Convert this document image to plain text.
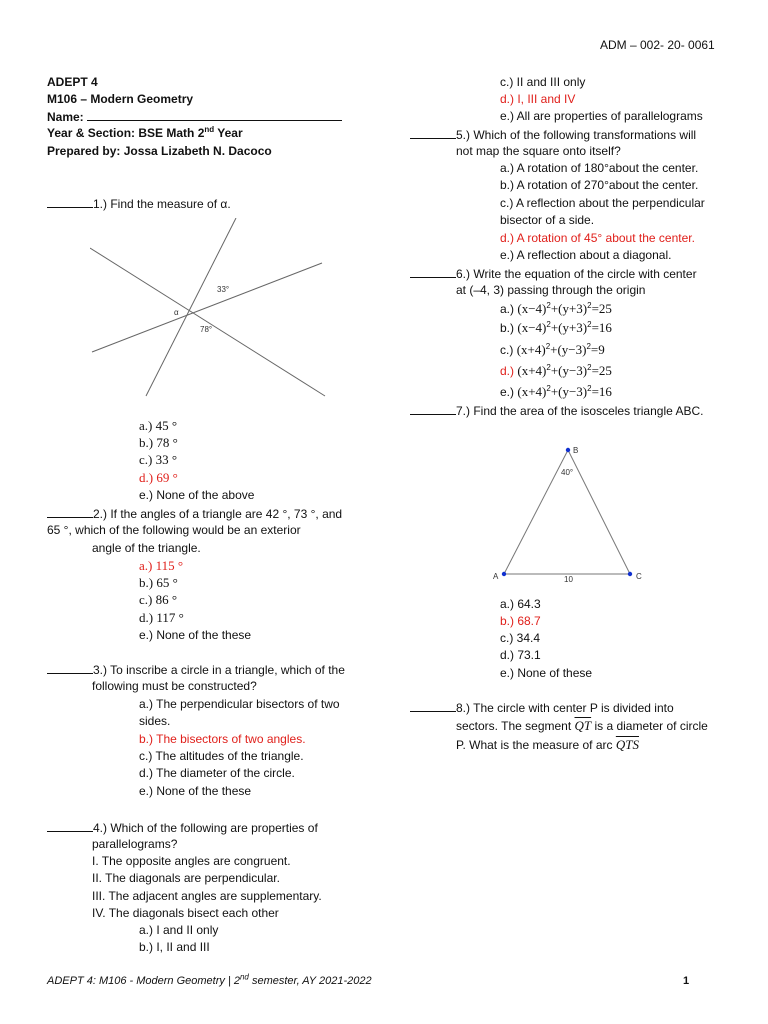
ADM – 002- 20- 0061
ADEPT 4
M106 – Modern Geometry
Name:
Year & Section: BSE Math 2nd Year
Prepared by: Jossa Lizabeth N. Dacoco
1.) Find the measure of α.
33°
α
78°
a.) 45 °
b.) 78 °
c.) 33 °
d.) 69 °
e.) None of the above
2.) If the angles of a triangle are 42 °, 73 °, and
65 °, which of the following would be an exterior
angle of the triangle.
a.) 115 °
b.) 65 °
c.) 86 °
d.) 117 °
e.) None of the these
3.) To inscribe a circle in a triangle, which of the
following must be constructed?
a.) The perpendicular bisectors of two
sides.
b.) The bisectors of two angles.
c.) The altitudes of the triangle.
d.) The diameter of the circle.
e.) None of the these
4.) Which of the following are properties of
parallelograms?
I. The opposite angles are congruent.
II. The diagonals are perpendicular.
III. The adjacent angles are supplementary.
IV. The diagonals bisect each other
a.) I and II only
b.) I, II and III
c.) II and III only
d.) I, III and IV
e.) All are properties of parallelograms
5.) Which of the following transformations will
not map the square onto itself?
a.) A rotation of 180°about the center.
b.) A rotation of 270°about the center.
c.) A reflection about the perpendicular
bisector of a side.
d.) A rotation of 45° about the center.
e.) A reflection about a diagonal.
6.) Write the equation of the circle with center
at (–4, 3) passing through the origin
a.) $(x-4)^2+(y+3)^2=25$
b.) $(x-4)^2+(y+3)^2=16$
c.) $(x+4)^2+(y-3)^2=9$
d.) $(x+4)^2+(y-3)^2=25$
e.) $(x+4)^2+(y-3)^2=16$
7.) Find the area of the isosceles triangle ABC.
B
A	C
40°
10
a.) 64.3
b.) 68.7
c.) 34.4
d.) 73.1
e.) None of these
8.) The circle with center P is divided into
sectors. The segment $\overline{QT}$ is a diameter of circle
P. What is the measure of arc $\overline{QTS}$
ADEPT 4: M106 - Modern Geometry | 2nd semester, AY 2021-2022	1
